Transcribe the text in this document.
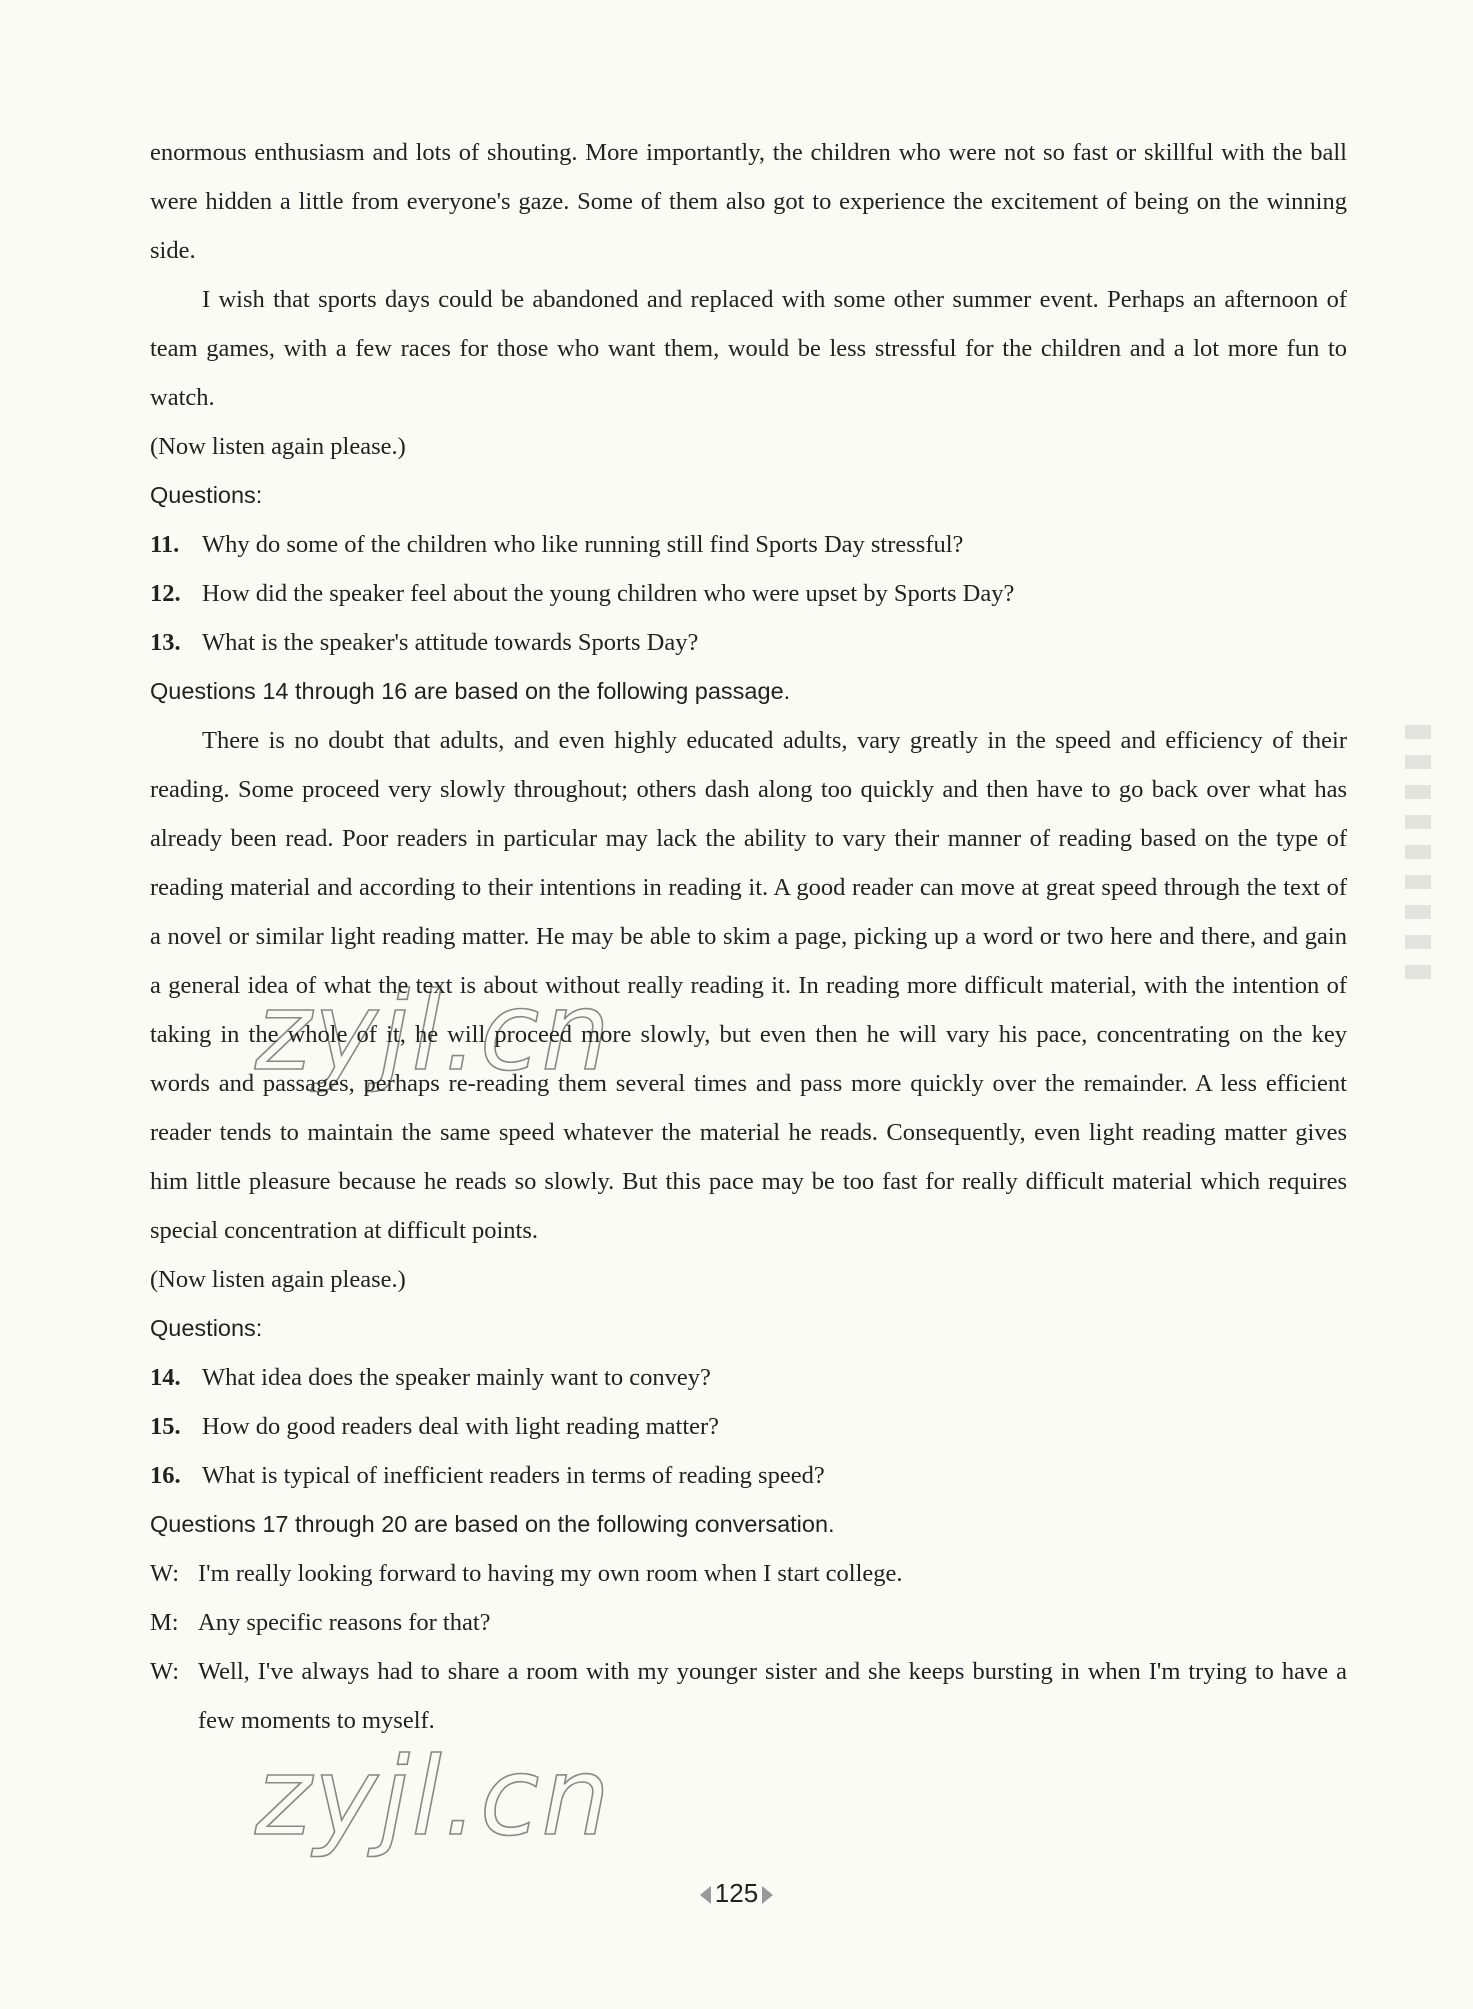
enormous enthusiasm and lots of shouting. More importantly, the children who were not so fast or skillful with the ball were hidden a little from everyone's gaze. Some of them also got to experience the excitement of being on the winning side.

I wish that sports days could be abandoned and replaced with some other summer event. Perhaps an afternoon of team games, with a few races for those who want them, would be less stressful for the children and a lot more fun to watch.

(Now listen again please.)

Questions:

11. Why do some of the children who like running still find Sports Day stressful?
12. How did the speaker feel about the young children who were upset by Sports Day?
13. What is the speaker's attitude towards Sports Day?

Questions 14 through 16 are based on the following passage.

There is no doubt that adults, and even highly educated adults, vary greatly in the speed and efficiency of their reading. Some proceed very slowly throughout; others dash along too quickly and then have to go back over what has already been read. Poor readers in particular may lack the ability to vary their manner of reading based on the type of reading material and according to their intentions in reading it. A good reader can move at great speed through the text of a novel or similar light reading matter. He may be able to skim a page, picking up a word or two here and there, and gain a general idea of what the text is about without really reading it. In reading more difficult material, with the intention of taking in the whole of it, he will proceed more slowly, but even then he will vary his pace, concentrating on the key words and passages, perhaps re-reading them several times and pass more quickly over the remainder. A less efficient reader tends to maintain the same speed whatever the material he reads. Consequently, even light reading matter gives him little pleasure because he reads so slowly. But this pace may be too fast for really difficult material which requires special concentration at difficult points.

(Now listen again please.)

Questions:

14. What idea does the speaker mainly want to convey?
15. How do good readers deal with light reading matter?
16. What is typical of inefficient readers in terms of reading speed?

Questions 17 through 20 are based on the following conversation.

W: I'm really looking forward to having my own room when I start college.
M: Any specific reasons for that?
W: Well, I've always had to share a room with my younger sister and she keeps bursting in when I'm trying to have a few moments to myself.
zyjl.cn
zyjl.cn
125
